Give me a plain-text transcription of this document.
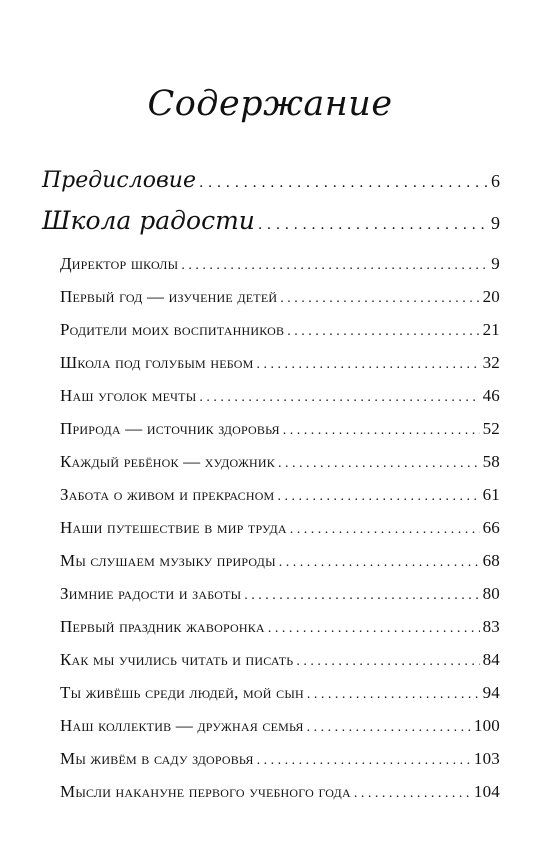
Содержание
Предисловие . . .	6
Школа радости . . .	9
Директор школы . . .	9
Первый год — изучение детей . . .	20
Родители моих воспитанников . . .	21
Школа под голубым небом . . .	32
Наш уголок мечты . . .	46
Природа — источник здоровья . . .	52
Каждый ребёнок — художник . . .	58
Забота о живом и прекрасном . . .	61
Наши путешествие в мир труда . . .	66
Мы слушаем музыку природы . . .	68
Зимние радости и заботы . . .	80
Первый праздник жаворонка . . .	83
Как мы учились читать и писать . . .	84
Ты живёшь среди людей, мой сын . . .	94
Наш коллектив — дружная семья . . .	100
Мы живём в саду здоровья . . .	103
Мысли накануне первого учебного года . . .	104
